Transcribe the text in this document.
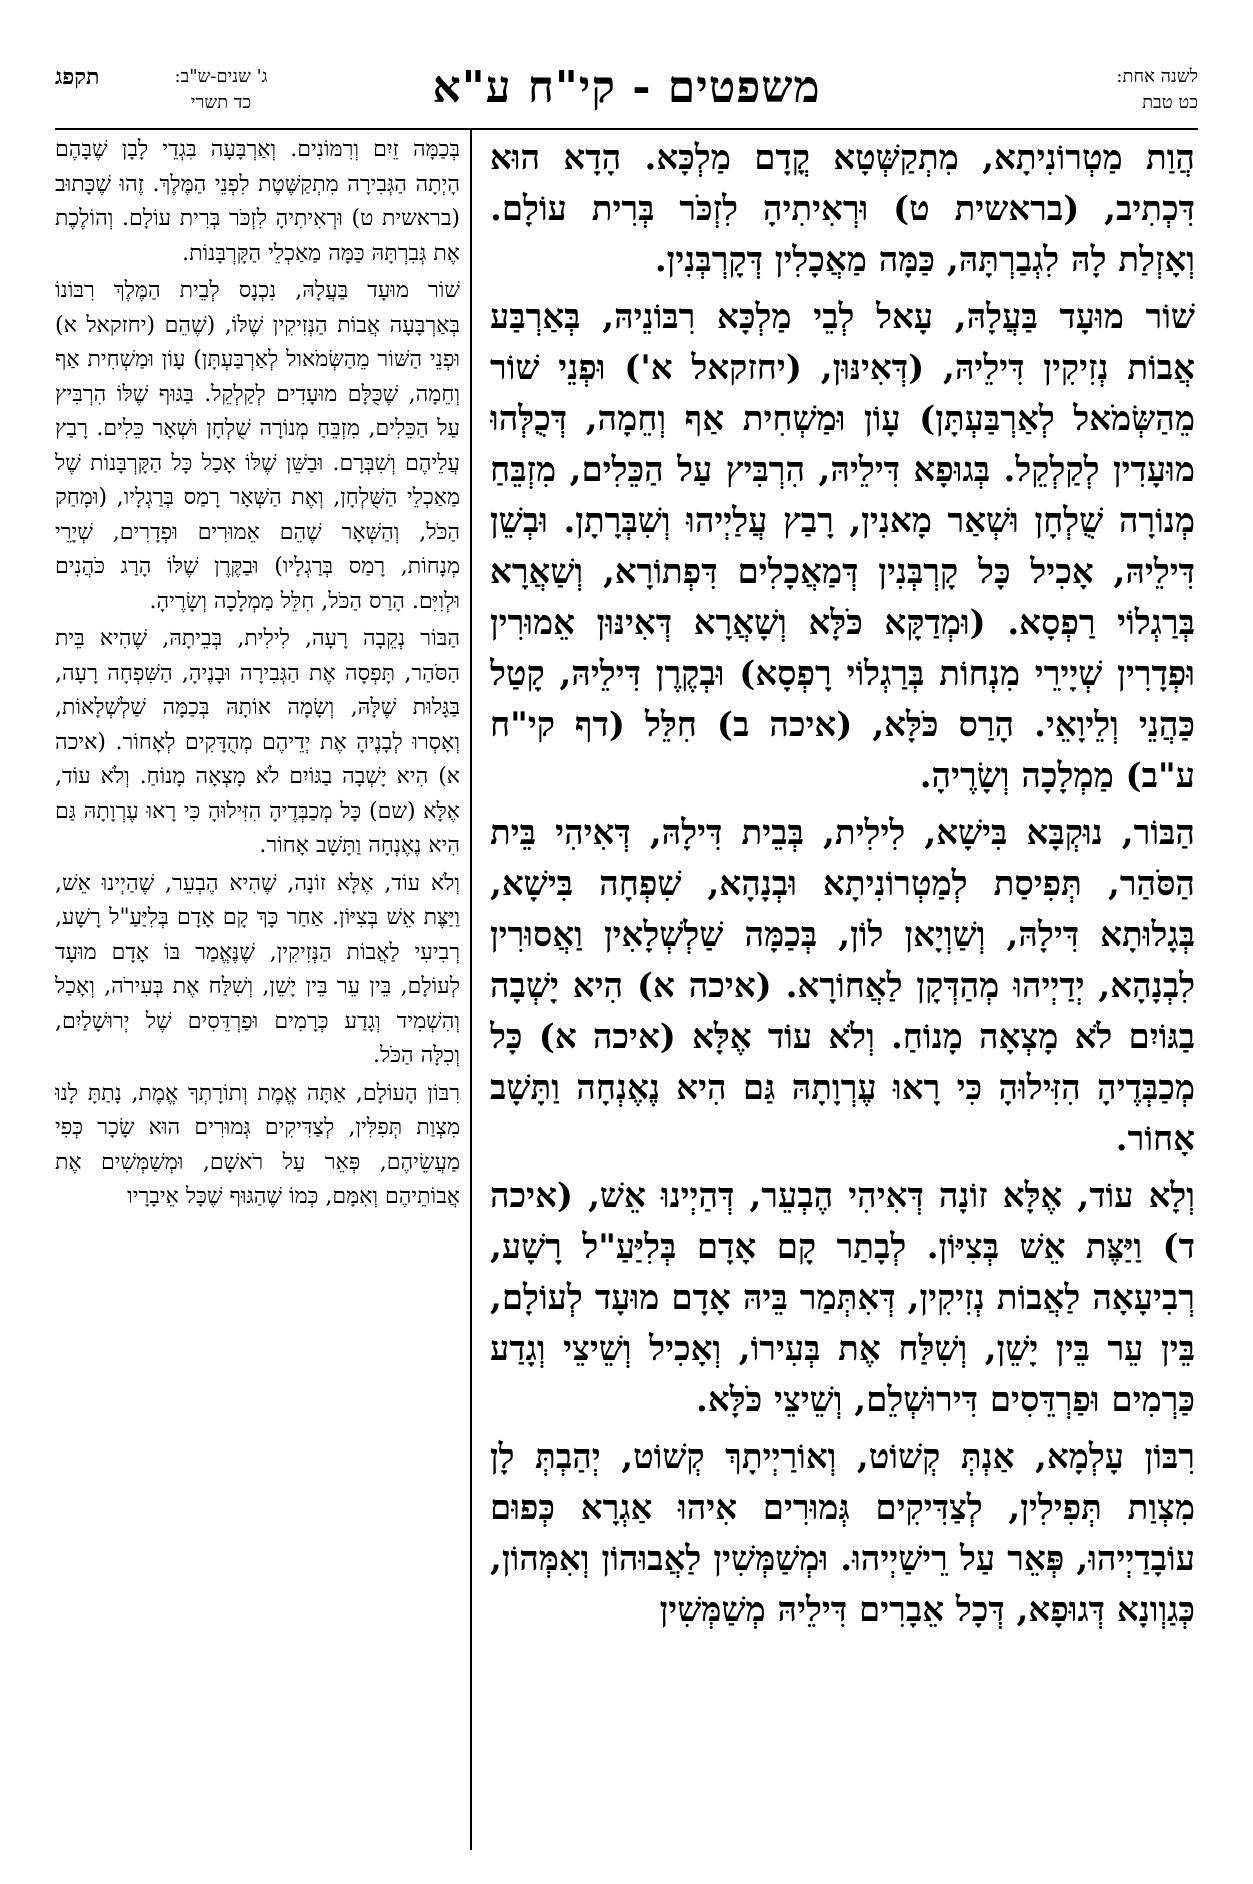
לשנה אחת:
כט טבת
משפטים - קי"ח ע"א
תקפג	ג' שנים-ש"ב:
כד תשרי

הֲוַת מַטְרוֹנִיתָא, מִתְקַשְּׁטָא קֳדָם מַלְכָּא. הָדָא הוּא דִּכְתִיב, (בראשית ט) וּרְאִיתִיהָ לִזְכֹּר בְּרִית עוֹלָם. וְאָזְלַת לָהּ לִגְבַרְתָּהּ, כַּמָּה מַאֲכָלִין דְּקָרְבְּנִין.

שׁוֹר מוּעָד בַּעֲלָהּ, עָאל לְבֵי מַלְכָּא רִבּוֹנֵיהּ, בְּאַרְבַּע אֲבוֹת נְזִיקִין דִּילֵיהּ, (דְּאִינּוּן, (יחזקאל א') וּפְנֵי שׁוֹר מֵהַשְּׂמֹאל לְאַרְבַּעְתָּן) עָוֹן וּמַשְׁחִית אַף וְחֵמָה, דְּכֻלְּהוּ מוּעָדִין לְקַלְקֵל. בְּגוּפָא דִּילֵיהּ, הִרְבִּיץ עַל הַכֵּלִים, מִזְבֵּחַ מְנוֹרָה שֻׁלְחָן וּשְׁאַר מָאנִין, רָבַץ עֲלַיְיהוּ וְשִׁבְּרָתָן. וּבְשֵׁן דִּילֵיהּ, אָכִיל כָּל קָרְבְּנִין דְּמַאֲכָלִים דִּפְתוֹרָא, וְשַׁאֲרָא בְּרַגְלוֹי רַפְסָא. (וּמְדַקָּא כֹּלָּא וְשָׁאֲרָא דְּאִינּוּן אֵמוּרִין וּפְדָרִין שְׁיָירֵי מִנְחוֹת בְּרַגְלוֹי רָפְסָא) וּבְקֶרֶן דִּילֵיהּ, קָטַל כַּהֲנֵי וְלֵיוָאֵי. הָרַס כֹּלָּא, (איכה ב) חִלֵּל (דף קי"ח ע"ב) מַמְלָכָה וְשָׂרֶיהָ.

הַבּוֹר, נוּקְבָּא בִּישָׁא, לִילִית, בְּבֵית דִּילָהּ, דְּאִיהִי בֵּית הַסֹּהַר, תְּפִיסַת לְמַטְרוֹנִיתָא וּבְנָהָא, שִׁפְחָה בִּישָׁא, בְּגָלוּתָא דִּילָהּ, וְשַׁוְיָאן לוֹן, בְּכַמָּה שַׁלְשְׁלָאִין וַאֲסוּרִין לִבְנָהָא, יְדַיְיהוּ מְהַדְּקָן לַאֲחוֹרָא. (איכה א) הִיא יָשְׁבָה בַגּוֹיִם לֹא מָצְאָה מָנוֹחַ. וְלֹא עוֹד אֶלָּא (איכה א) כָּל מְכַבְּדֶיהָ הִזִּילוּהָ כִּי רָאוּ עֶרְוָתָהּ גַּם הִיא נֶאֶנְחָה וַתָּשָׁב אָחוֹר.

וְלָא עוֹד, אֶלָּא זוֹנָה דְּאִיהִי הֶבְעֵר, דְּהַיְינוּ אֵשׁ, (איכה ד) וַיַּצֶּת אֵשׁ בְּצִיּוֹן. לְבָתַר קָם אָדָם בְּלִיַּעַ"ל רָשָׁע, רְבִיעָאָה לַאֲבוֹת נְזִיקִין, דְּאִתְּמַר בֵּיהּ אָדָם מוּעָד לְעוֹלָם, בֵּין עֵר בֵּין יָשֵׁן, וְשִׁלַּח אֶת בְּעִירוֹ, וְאָכִיל וְשֵׁיצֵי וְגָדַע כַּרְמִים וּפַרְדֵּסִים דִּירוּשְׁלֵם, וְשֵׁיצֵי כֹּלָּא.

רִבּוֹן עָלְמָא, אַנְתְּ קְשׁוֹט, וְאוֹרַיְיתָךְ קְשׁוֹט, יְהַבְתְּ לָן מִצְוַת תְּפִילִין, לְצַדִּיקִים גְּמוּרִים אִיהוּ אַגְרָא כְּפוּם עוֹבָדַיְיהוּ, פְּאֵר עַל רֵישַׁיְיהוּ. וּמְשַׁמְּשִׁין לַאֲבוּהוֹן וְאִמְּהוֹן, כְּגַוְונָא דְּגוּפָא, דְּכָל אֵבָרִים דִּילֵיהּ מְשַׁמְּשִׁין

בְּכַמָּה זֵיִם וְרִמּוֹנִים. וְאַרְבָּעָה בִּגְדֵי לָבָן שֶׁבָּהֶם הָיְתָה הַגְּבִירָה מִתְקַשֶּׁטֶת לִפְנֵי הַמֶּלֶךְ. זֶהוּ שֶׁכָּתוּב (בראשית ט) וּרְאִיתִיהָ לִזְכֹּר בְּרִית עוֹלָם. וְהוֹלֶכֶת אֶת גְּבִרְתָּהּ כַּמָּה מַאַכְלֵי הַקָּרְבָּנוֹת.

שׁוֹר מוּעָד בַּעֲלָהּ, נִכְנָס לְבֵית הַמֶּלֶךְ רִבּוֹנוֹ בְּאַרְבָּעָה אֲבוֹת הַנְּזִיקִין שֶׁלּוֹ, (שֶׁהֵם (יחזקאל א) וּפְנֵי הַשּׁוֹר מֵהַשְּׂמֹאול לְאַרְבַּעְתָּן) עָוֹן וּמַשְׁחִית אַף וְחֵמָה, שֶׁכֻּלָּם מוּעָדִים לְקַלְקֵל. בַּגּוּף שֶׁלּוֹ הִרְבִּיץ עַל הַכֵּלִים, מִזְבֵּחַ מְנוֹרָה שֻׁלְחָן וּשְׁאָר כֵּלִים. רָבַץ עֲלֵיהֶם וְשִׁבְּרָם. וּבַשֵּׁן שֶׁלּוֹ אָכַל כָּל הַקָּרְבָּנוֹת שֶׁל מַאַכְלֵי הַשֻּׁלְחָן, וְאֶת הַשְּׁאָר רָמַס בְּרַגְלָיו, (וּמָחַק הַכֹּל, וְהַשְּׁאָר שֶׁהֵם אֵמוּרִים וּפְדָרִים, שְׁיָרֵי מְנָחוֹת, רָמַס בְּרַגְלָיו) וּבַקֶּרֶן שֶׁלּוֹ הָרַג כֹּהֲנִים וּלְוִיִּם. הָרַס הַכֹּל, חִלֵּל מַמְלָכָה וְשָׂרֶיהָ.

הַבּוֹר נְקֵבָה רָעָה, לִילִית, בְּבֵיתָהּ, שֶׁהִיא בֵּית הַסֹּהַר, תָּפְסָה אֶת הַגְּבִירָה וּבָנֶיהָ, הַשִּׁפְחָה רָעָה, בַּגָּלוּת שֶׁלָּהּ, וְשָׂמָה אוֹתָהּ בְּכַמָּה שַׁלְשְׁלָאוֹת, וְאָסְרוּ לְבָנֶיהָ אֶת יְדֵיהֶם מְהֻדָּקִים לְאָחוֹר. (איכה א) הִיא יָשְׁבָה בַגּוֹיִם לֹא מָצְאָה מָנוֹחַ. וְלֹא עוֹד, אֶלָּא (שם) כָּל מְכַבְּדֶיהָ הִזִּילוּהָ כִּי רָאוּ עֶרְוָתָהּ גַּם הִיא נֶאֶנְחָה וַתָּשָׁב אָחוֹר.

וְלֹא עוֹד, אֶלָּא זוֹנָה, שֶׁהִיא הֶבְעֵר, שֶׁהַיְינוּ אֵשׁ, וַיַּצֶּת אֵשׁ בְּצִיּוֹן. אַחַר כָּךְ קָם אָדָם בְּלִיַּעַ"ל רָשָׁע, רְבִיעִי לַאֲבוֹת הַנְּזִיקִין, שֶׁנֶּאֱמַר בּוֹ אָדָם מוּעָד לְעוֹלָם, בֵּין עֵר בֵּין יָשֵׁן, וְשִׁלַּח אֶת בְּעִירֹה, וְאָכַל וְהִשְׁמִיד וְגָדַע כְּרָמִים וּפַרְדֵּסִים שֶׁל יְרוּשָׁלַיִם, וְכִלָּה הַכֹּל.

רִבּוֹן הָעוֹלָם, אַתָּה אֱמֶת וְתוֹרָתְךָ אֱמֶת, נָתַתָּ לָנוּ מִצְוַת תְּפִלִּין, לְצַדִּיקִים גְּמוּרִים הוּא שָׂכָר כְּפִי מַעֲשֵׂיהֶם, פְּאֵר עַל רֹאשָׁם, וּמְשַׁמְּשִׁים אֶת אֲבוֹתֵיהֶם וְאִמָּם, כְּמוֹ שֶׁהַגּוּף שֶׁכָּל אֵיבָרָיו
